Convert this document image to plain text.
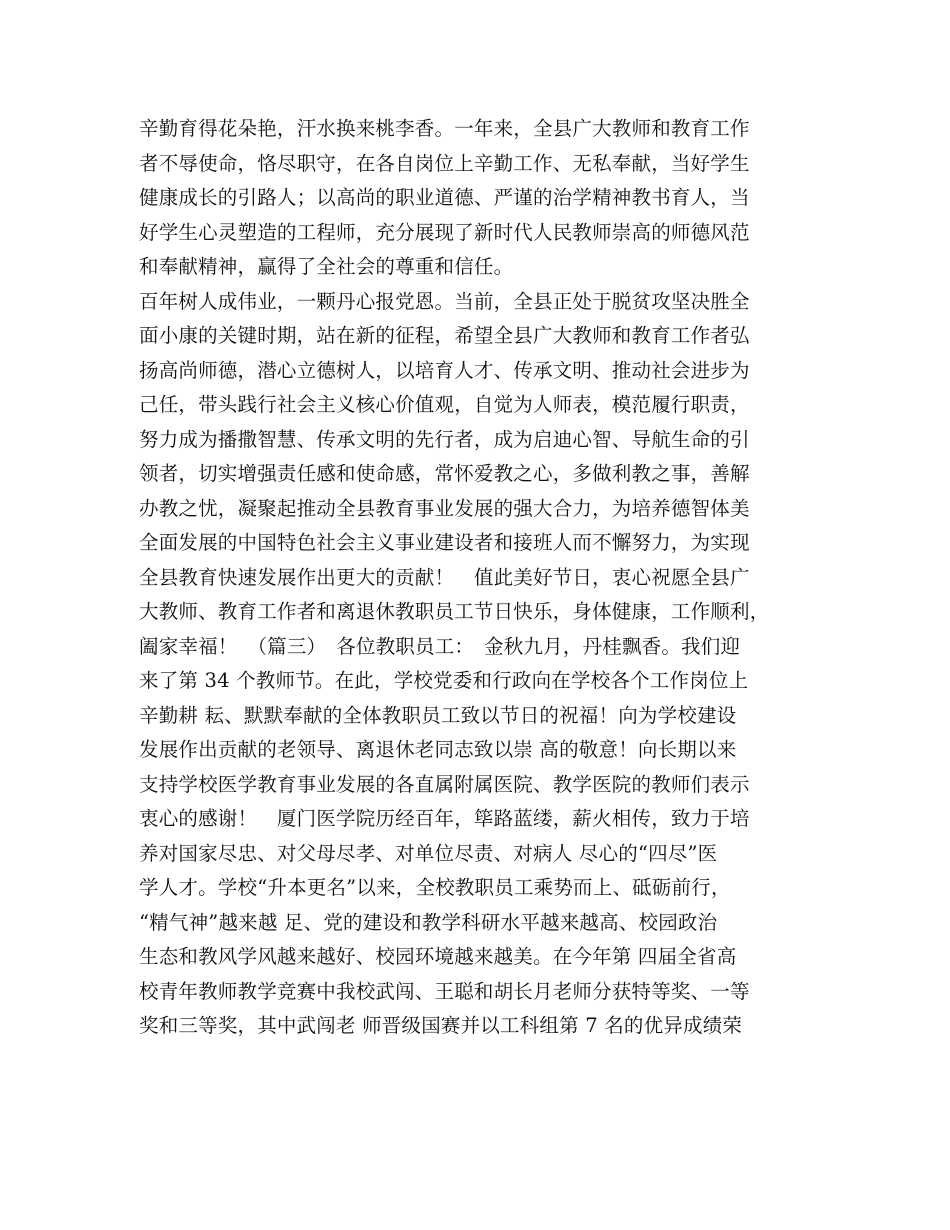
辛勤育得花朵艳，汗水换来桃李香。一年来，全县广大教师和教育工作
者不辱使命，恪尽职守，在各自岗位上辛勤工作、无私奉献，当好学生
健康成长的引路人；以高尚的职业道德、严谨的治学精神教书育人，当
好学生心灵塑造的工程师，充分展现了新时代人民教师崇高的师德风范
和奉献精神，赢得了全社会的尊重和信任。
百年树人成伟业，一颗丹心报党恩。当前，全县正处于脱贫攻坚决胜全
面小康的关键时期，站在新的征程，希望全县广大教师和教育工作者弘
扬高尚师德，潜心立德树人，以培育人才、传承文明、推动社会进步为
己任，带头践行社会主义核心价值观，自觉为人师表，模范履行职责，
努力成为播撒智慧、传承文明的先行者，成为启迪心智、导航生命的引
领者，切实增强责任感和使命感，常怀爱教之心，多做利教之事，善解
办教之忧，凝聚起推动全县教育事业发展的强大合力，为培养德智体美
全面发展的中国特色社会主义事业建设者和接班人而不懈努力，为实现
全县教育快速发展作出更大的贡献！　值此美好节日，衷心祝愿全县广
大教师、教育工作者和离退休教职员工节日快乐，身体健康，工作顺利，
阖家幸福！　（篇三）　各位教职员工：　金秋九月，丹桂飘香。我们迎
来了第 34 个教师节。在此，学校党委和行政向在学校各个工作岗位上
辛勤耕 耘、默默奉献的全体教职员工致以节日的祝福！向为学校建设
发展作出贡献的老领导、离退休老同志致以崇 高的敬意！向长期以来
支持学校医学教育事业发展的各直属附属医院、教学医院的教师们表示
衷心的感谢！　厦门医学院历经百年，筚路蓝缕，薪火相传，致力于培
养对国家尽忠、对父母尽孝、对单位尽责、对病人 尽心的“四尽”医
学人才。学校“升本更名”以来，全校教职员工乘势而上、砥砺前行，
“精气神”越来越 足、党的建设和教学科研水平越来越高、校园政治
生态和教风学风越来越好、校园环境越来越美。在今年第 四届全省高
校青年教师教学竞赛中我校武闯、王聪和胡长月老师分获特等奖、一等
奖和三等奖，其中武闯老 师晋级国赛并以工科组第 7 名的优异成绩荣
